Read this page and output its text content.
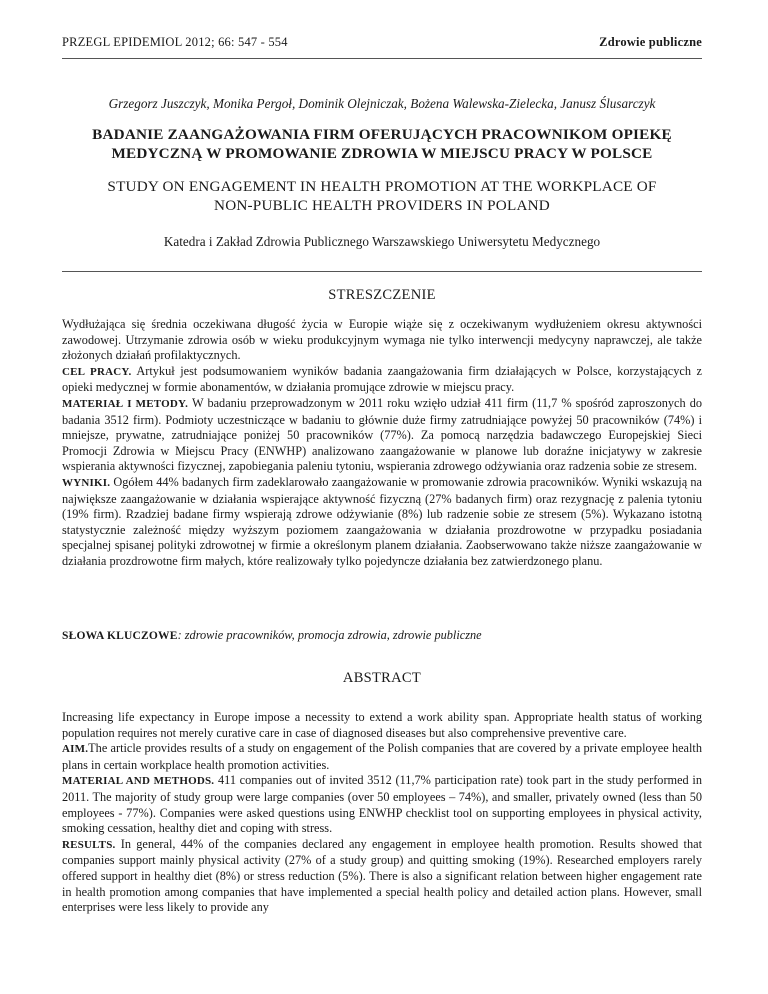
PRZEGL EPIDEMIOL 2012; 66: 547 - 554	Zdrowie publiczne
Grzegorz Juszczyk, Monika Pergoł, Dominik Olejniczak, Bożena Walewska-Zielecka, Janusz Ślusarczyk
BADANIE ZAANGAŻOWANIA FIRM OFERUJĄCYCH PRACOWNIKOM OPIEKĘ
MEDYCZNĄ W PROMOWANIE ZDROWIA W MIEJSCU PRACY W POLSCE
STUDY ON ENGAGEMENT IN HEALTH PROMOTION AT THE WORKPLACE OF
NON-PUBLIC HEALTH PROVIDERS IN POLAND
Katedra i Zakład Zdrowia Publicznego Warszawskiego Uniwersytetu Medycznego
STRESZCZENIE

Wydłużająca się średnia oczekiwana długość życia w Europie wiąże się z oczekiwanym wydłużeniem okresu aktywności zawodowej. Utrzymanie zdrowia osób w wieku produkcyjnym wymaga nie tylko interwencji medycyny naprawczej, ale także złożonych działań profilaktycznych.

CEL PRACY. Artykuł jest podsumowaniem wyników badania zaangażowania firm działających w Polsce, korzystających z opieki medycznej w formie abonamentów, w działania promujące zdrowie w miejscu pracy.

MATERIAŁ I METODY. W badaniu przeprowadzonym w 2011 roku wzięło udział 411 firm (11,7 % spośród zaproszonych do badania 3512 firm). Podmioty uczestniczące w badaniu to głównie duże firmy zatrudniające powyżej 50 pracowników (74%) i mniejsze, prywatne, zatrudniające poniżej 50 pracowników (77%). Za pomocą narzędzia badawczego Europejskiej Sieci Promocji Zdrowia w Miejscu Pracy (ENWHP) analizowano zaangażowanie w planowe lub doraźne inicjatywy w zakresie wspierania aktywności fizycznej, zapobiegania paleniu tytoniu, wspierania zdrowego odżywiania oraz radzenia sobie ze stresem.

WYNIKI. Ogółem 44% badanych firm zadeklarowało zaangażowanie w promowanie zdrowia pracowników. Wyniki wskazują na największe zaangażowanie w działania wspierające aktywność fizyczną (27% badanych firm) oraz rezygnację z palenia tytoniu (19% firm). Rzadziej badane firmy wspierają zdrowe odżywianie (8%) lub radzenie sobie ze stresem (5%). Wykazano istotną statystycznie zależność między wyższym poziomem zaangażowania w działania prozdrowotne w przypadku posiadania specjalnej spisanej polityki zdrowotnej w firmie a określonym planem działania. Zaobserwowano także niższe zaangażowanie w działania prozdrowotne firm małych, które realizowały tylko pojedyncze działania bez zatwierdzonego planu.

SŁOWA KLUCZOWE: zdrowie pracowników, promocja zdrowia, zdrowie publiczne
ABSTRACT

Increasing life expectancy in Europe impose a necessity to extend a work ability span. Appropriate health status of working population requires not merely curative care in case of diagnosed diseases but also comprehensive preventive care.

AIM.The article provides results of a study on engagement of the Polish companies that are covered by a private employee health plans in certain workplace health promotion activities.

MATERIAL AND METHODS. 411 companies out of invited 3512 (11,7% participation rate) took part in the study performed in 2011. The majority of study group were large companies (over 50 employees – 74%), and smaller, privately owned (less than 50 employees - 77%). Companies were asked questions using ENWHP checklist tool on supporting employees in physical activity, smoking cessation, healthy diet and coping with stress.

RESULTS. In general, 44% of the companies declared any engagement in employee health promotion. Results showed that companies support mainly physical activity (27% of a study group) and quitting smoking (19%). Researched employers rarely offered support in healthy diet (8%) or stress reduction (5%). There is also a significant relation between higher engagement rate in health promotion among companies that have implemented a special health policy and detailed action plans. However, small enterprises were less likely to provide any
